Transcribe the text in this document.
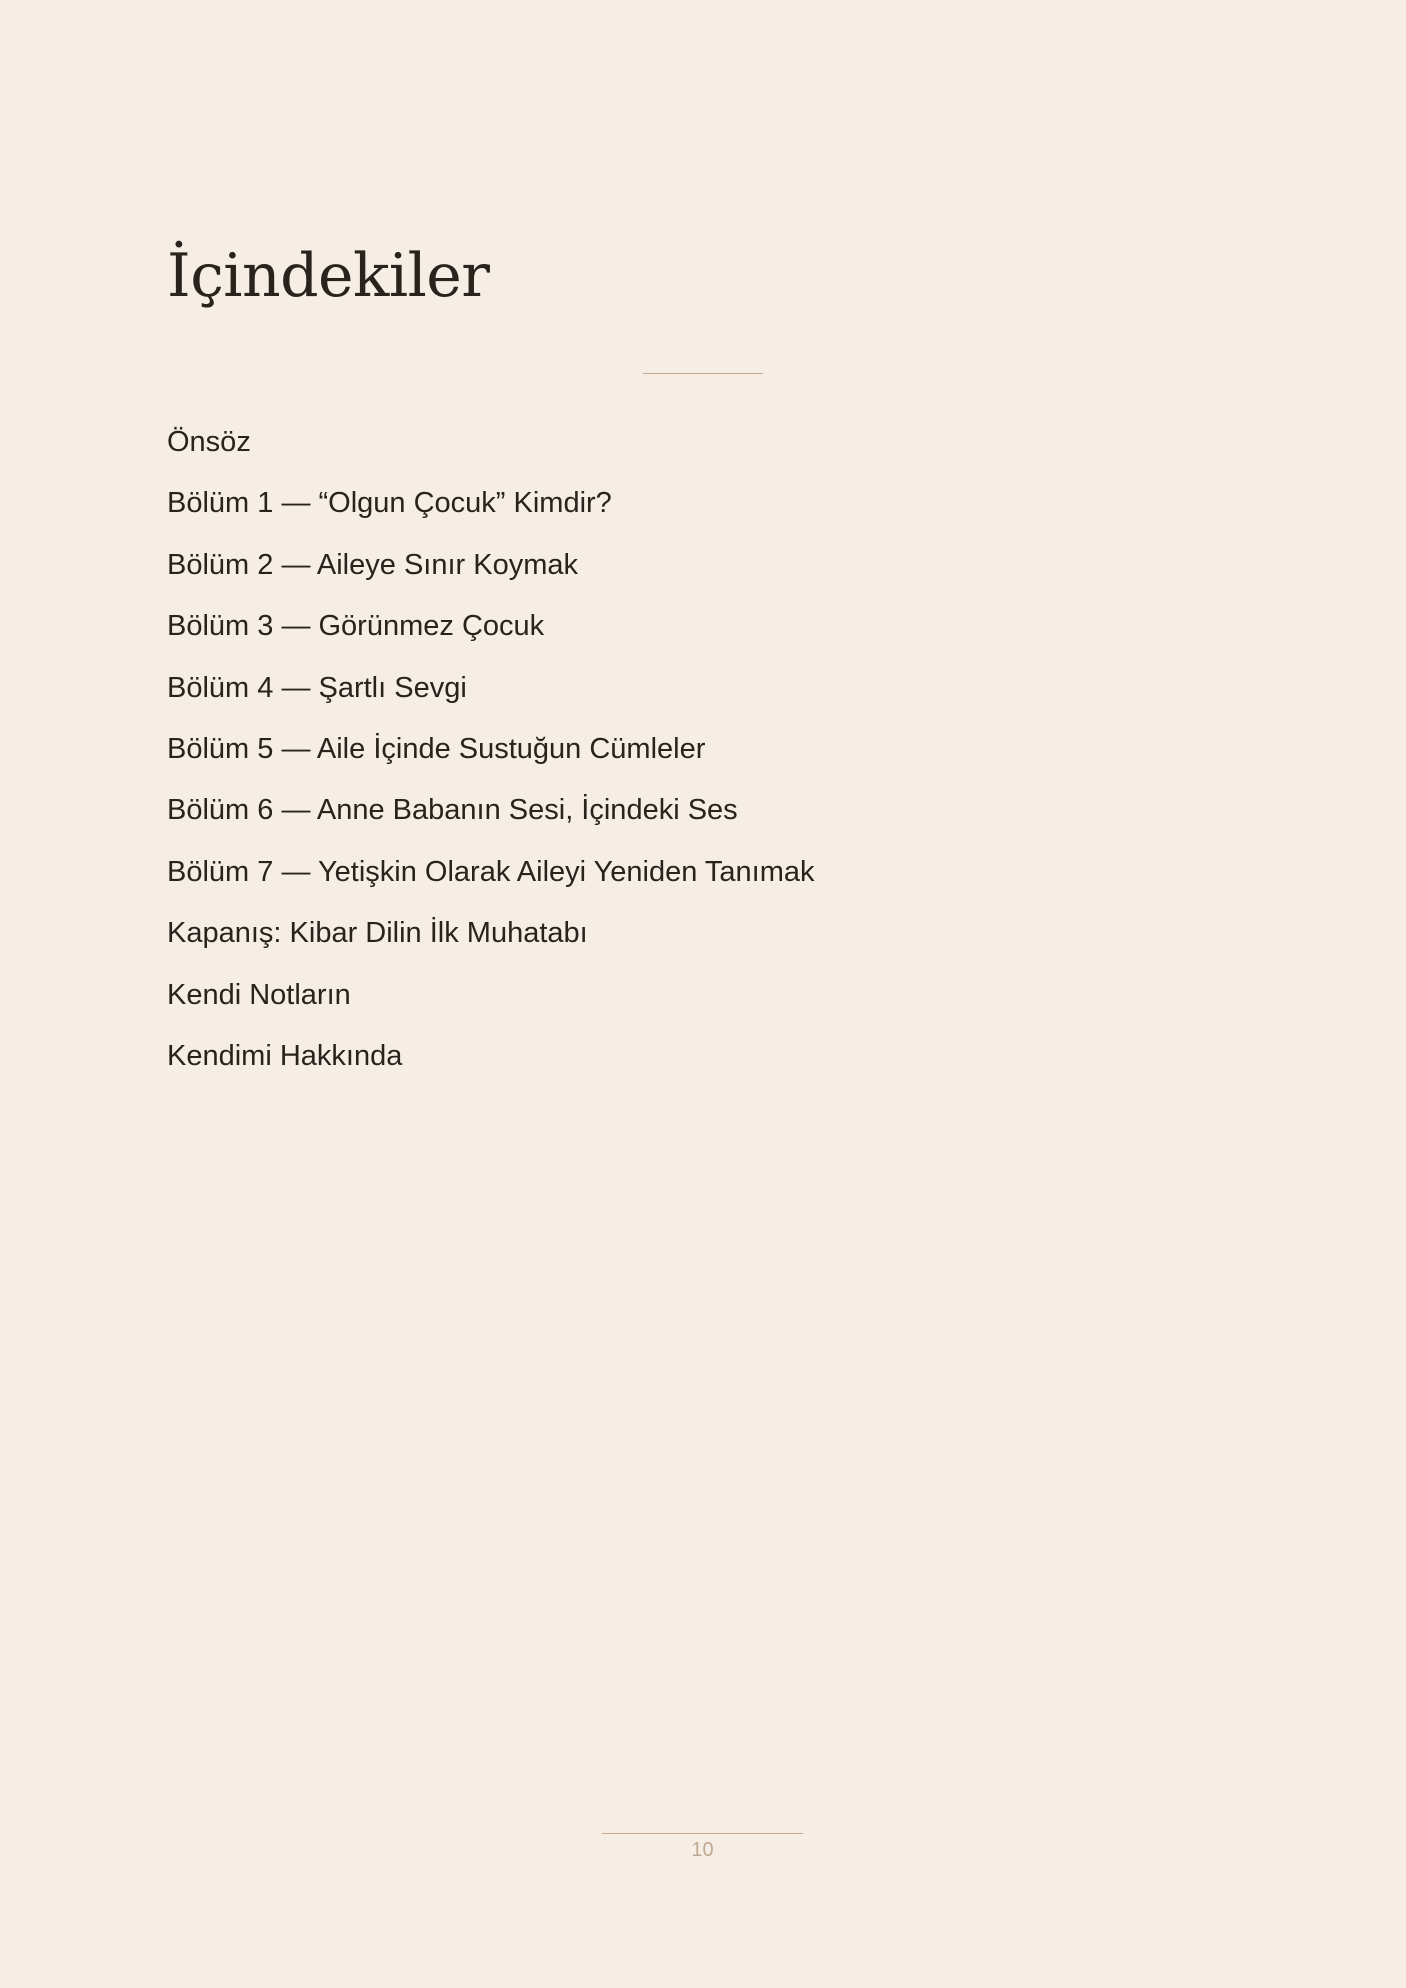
İçindekiler
Önsöz
Bölüm 1 — “Olgun Çocuk” Kimdir?
Bölüm 2 — Aileye Sınır Koymak
Bölüm 3 — Görünmez Çocuk
Bölüm 4 — Şartlı Sevgi
Bölüm 5 — Aile İçinde Sustuğun Cümleler
Bölüm 6 — Anne Babanın Sesi, İçindeki Ses
Bölüm 7 — Yetişkin Olarak Aileyi Yeniden Tanımak
Kapanış: Kibar Dilin İlk Muhatabı
Kendi Notların
Kendimi Hakkında
10
